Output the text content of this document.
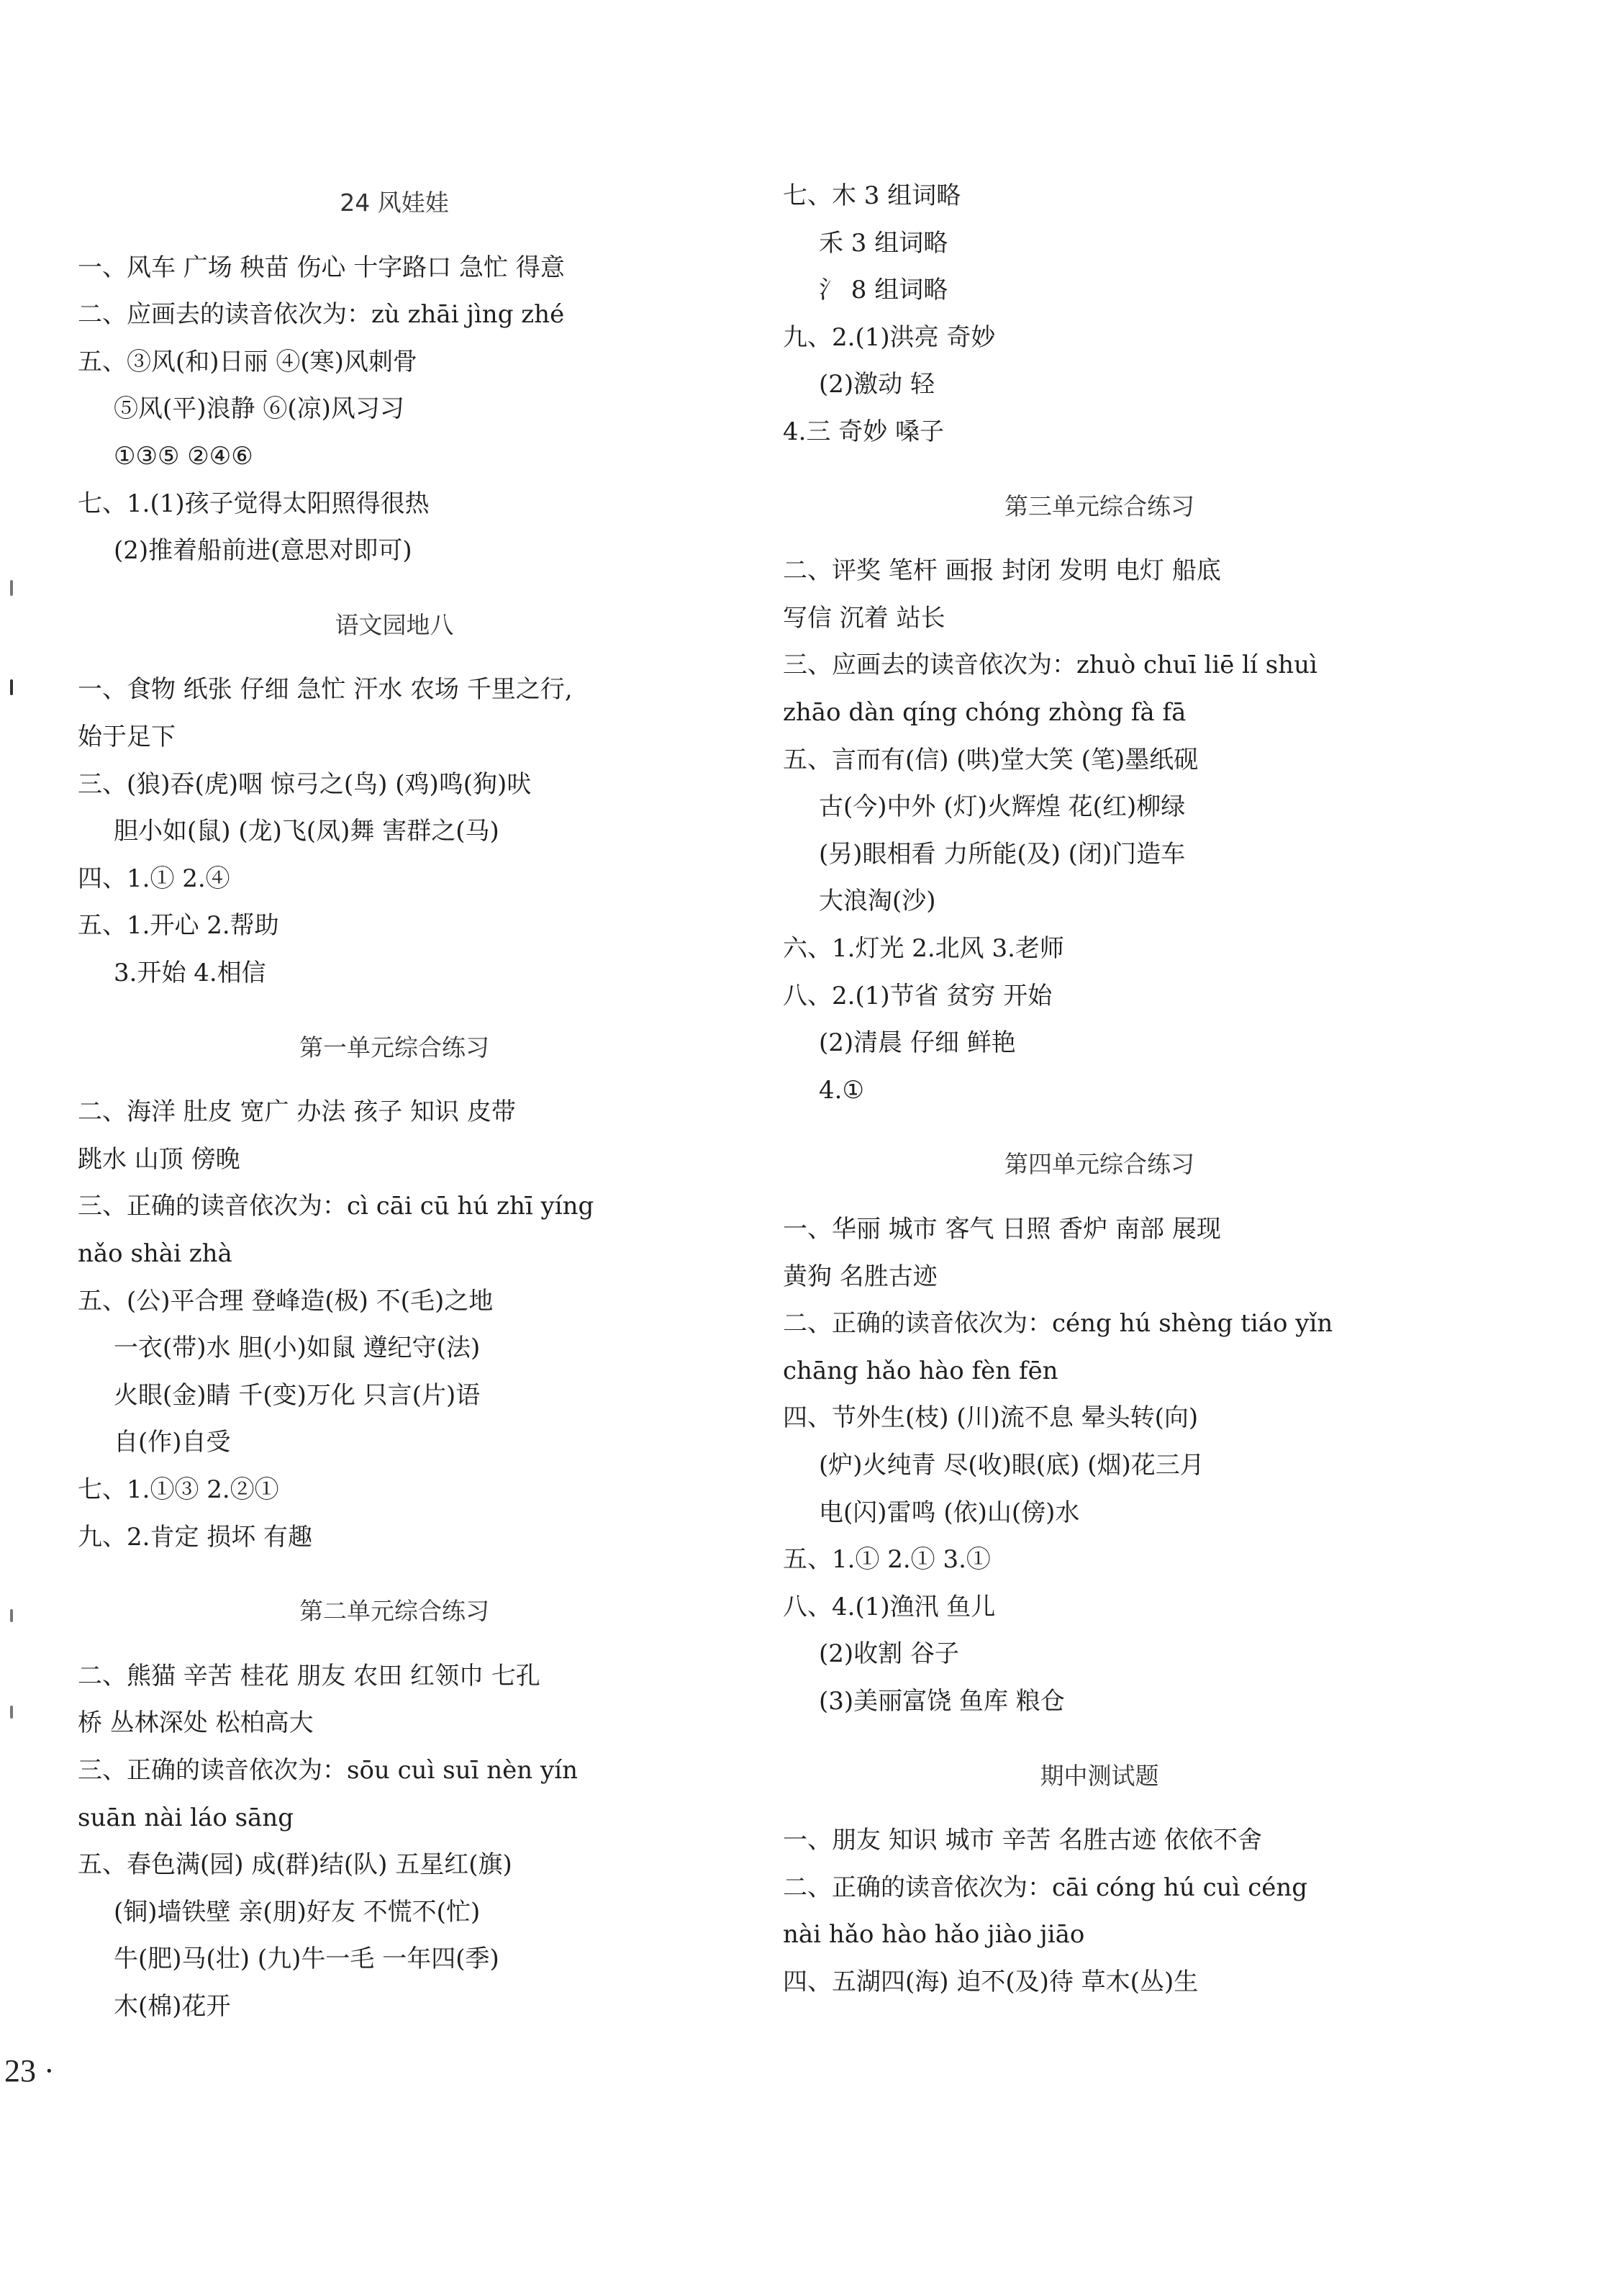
24 风娃娃
一、风车 广场 秧苗 伤心 十字路口 急忙 得意
二、应画去的读音依次为：zù zhāi jìng zhé
五、③风(和)日丽 ④(寒)风刺骨
⑤风(平)浪静 ⑥(凉)风习习
①③⑤ ②④⑥
七、1.(1)孩子觉得太阳照得很热
(2)推着船前进(意思对即可)
语文园地八
一、食物 纸张 仔细 急忙 汗水 农场 千里之行,
始于足下
三、(狼)吞(虎)咽 惊弓之(鸟) (鸡)鸣(狗)吠
胆小如(鼠) (龙)飞(凤)舞 害群之(马)
四、1.① 2.④
五、1.开心 2.帮助
3.开始 4.相信
第一单元综合练习
二、海洋 肚皮 宽广 办法 孩子 知识 皮带
跳水 山顶 傍晚
三、正确的读音依次为：cì cāi cū hú zhī yíng
nǎo shài zhà
五、(公)平合理 登峰造(极) 不(毛)之地
一衣(带)水 胆(小)如鼠 遵纪守(法)
火眼(金)睛 千(变)万化 只言(片)语
自(作)自受
七、1.①③ 2.②①
九、2.肯定 损坏 有趣
第二单元综合练习
二、熊猫 辛苦 桂花 朋友 农田 红领巾 七孔
桥 丛林深处 松柏高大
三、正确的读音依次为：sōu cuì suī nèn yín
suān nài láo sāng
五、春色满(园) 成(群)结(队) 五星红(旗)
(铜)墙铁壁 亲(朋)好友 不慌不(忙)
牛(肥)马(壮) (九)牛一毛 一年四(季)
木(棉)花开
七、木 3 组词略
禾 3 组词略
氵 8 组词略
九、2.(1)洪亮 奇妙
(2)激动 轻
4.三 奇妙 嗓子
第三单元综合练习
二、评奖 笔杆 画报 封闭 发明 电灯 船底
写信 沉着 站长
三、应画去的读音依次为：zhuò chuī liē lí shuì
zhāo dàn qíng chóng zhòng fà fā
五、言而有(信) (哄)堂大笑 (笔)墨纸砚
古(今)中外 (灯)火辉煌 花(红)柳绿
(另)眼相看 力所能(及) (闭)门造车
大浪淘(沙)
六、1.灯光 2.北风 3.老师
八、2.(1)节省 贫穷 开始
(2)清晨 仔细 鲜艳
4.①
第四单元综合练习
一、华丽 城市 客气 日照 香炉 南部 展现
黄狗 名胜古迹
二、正确的读音依次为：céng hú shèng tiáo yǐn
chāng hǎo hào fèn fēn
四、节外生(枝) (川)流不息 晕头转(向)
(炉)火纯青 尽(收)眼(底) (烟)花三月
电(闪)雷鸣 (依)山(傍)水
五、1.① 2.① 3.①
八、4.(1)渔汛 鱼儿
(2)收割 谷子
(3)美丽富饶 鱼库 粮仓
期中测试题
一、朋友 知识 城市 辛苦 名胜古迹 依依不舍
二、正确的读音依次为：cāi cóng hú cuì céng
nài hǎo hào hǎo jiào jiāo
四、五湖四(海) 迫不(及)待 草木(丛)生
23 ·
